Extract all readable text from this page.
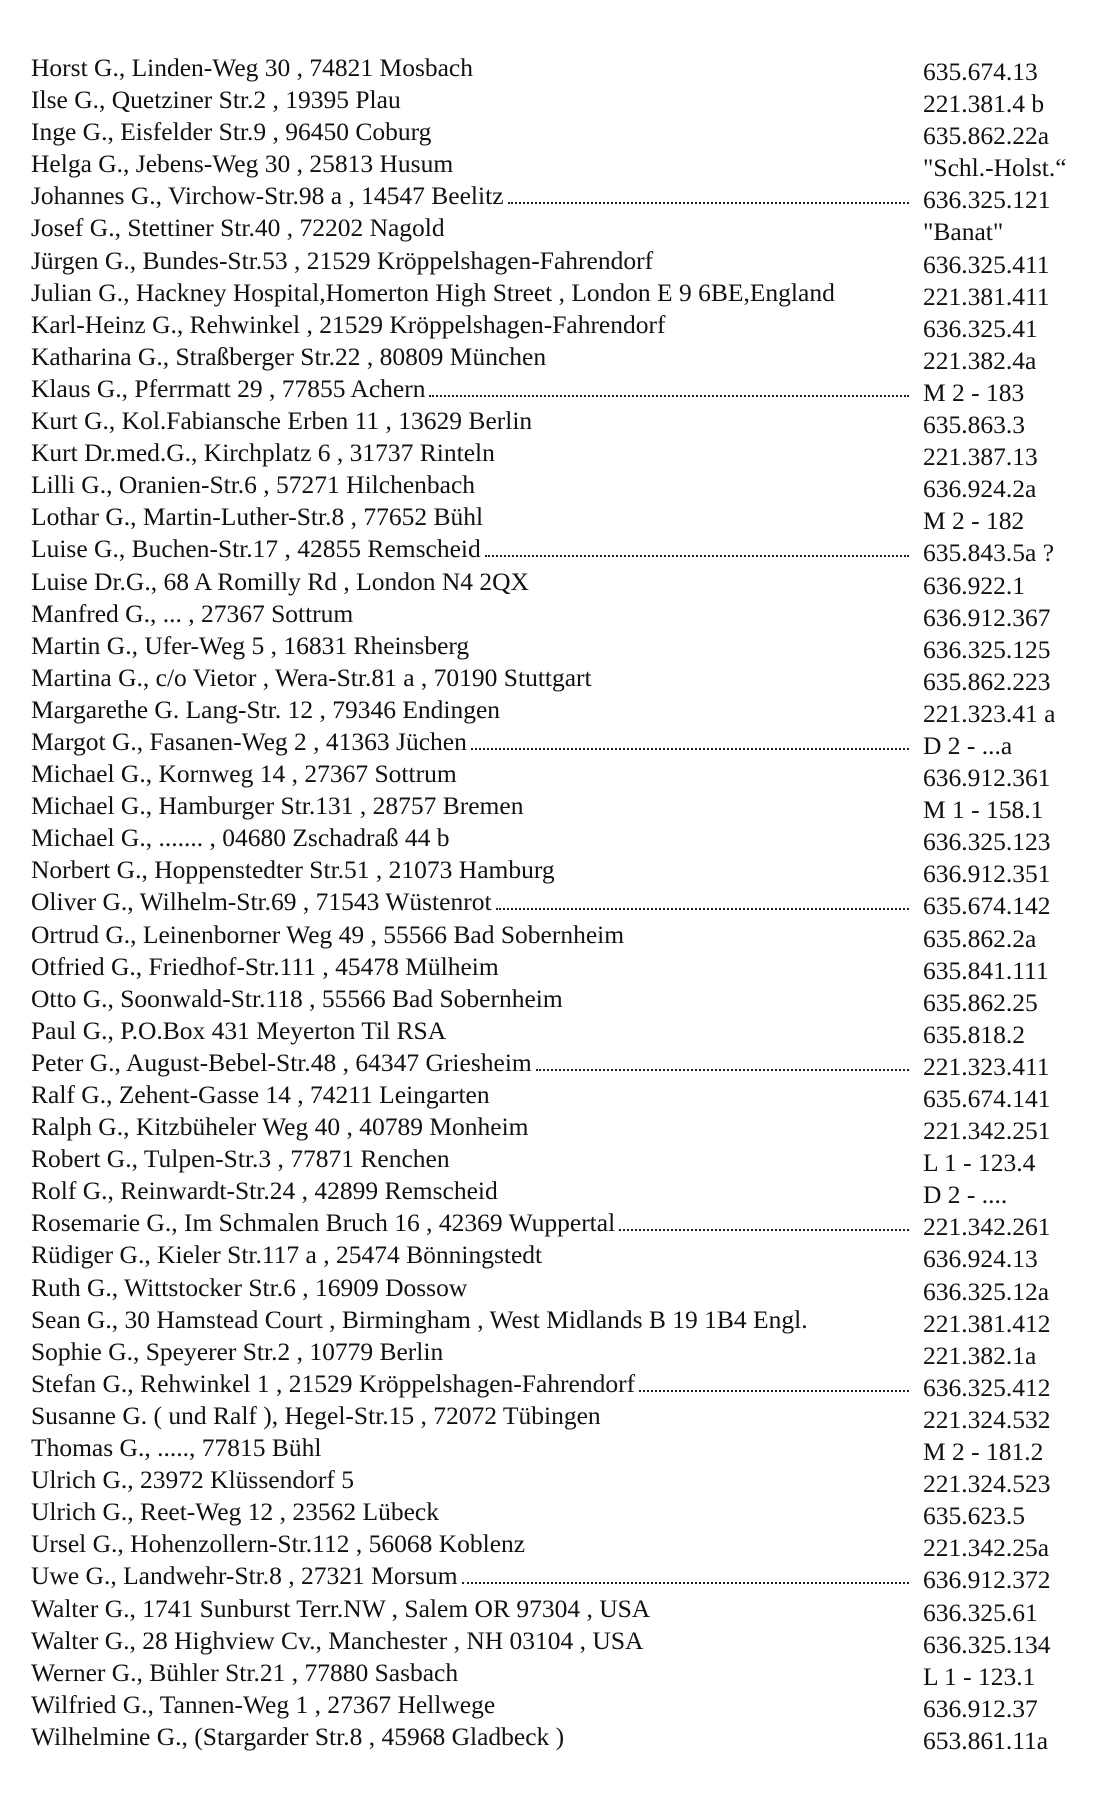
Horst G., Linden-Weg 30 , 74821 Mosbach	635.674.13
Ilse G., Quetziner Str.2 , 19395 Plau	221.381.4 b
Inge G., Eisfelder Str.9 , 96450 Coburg	635.862.22a
Helga G., Jebens-Weg 30 , 25813 Husum	"Schl.-Holst.“
Johannes G., Virchow-Str.98 a , 14547 Beelitz	636.325.121
Josef G., Stettiner Str.40 , 72202 Nagold	"Banat"
Jürgen G., Bundes-Str.53 , 21529 Kröppelshagen-Fahrendorf	636.325.411
Julian G., Hackney Hospital,Homerton High Street , London E 9 6BE,England	221.381.411
Karl-Heinz G., Rehwinkel , 21529 Kröppelshagen-Fahrendorf	636.325.41
Katharina G., Straßberger Str.22 , 80809 München	221.382.4a
Klaus G., Pferrmatt 29 , 77855 Achern	M 2 - 183
Kurt G., Kol.Fabiansche Erben 11 , 13629 Berlin	635.863.3
Kurt Dr.med.G., Kirchplatz 6 , 31737 Rinteln	221.387.13
Lilli G., Oranien-Str.6 , 57271 Hilchenbach	636.924.2a
Lothar G., Martin-Luther-Str.8 , 77652 Bühl	M 2 - 182
Luise G., Buchen-Str.17 , 42855 Remscheid	635.843.5a ?
Luise Dr.G., 68 A Romilly Rd , London N4 2QX	636.922.1
Manfred G., ... , 27367 Sottrum	636.912.367
Martin G., Ufer-Weg 5 , 16831 Rheinsberg	636.325.125
Martina G., c/o Vietor , Wera-Str.81 a , 70190 Stuttgart	635.862.223
Margarethe G. Lang-Str. 12 , 79346 Endingen	221.323.41 a
Margot G., Fasanen-Weg 2 , 41363 Jüchen	D 2 - ...a
Michael G., Kornweg 14 , 27367 Sottrum	636.912.361
Michael G., Hamburger Str.131 , 28757 Bremen	M 1 - 158.1
Michael G., ....... , 04680 Zschadraß 44 b	636.325.123
Norbert G., Hoppenstedter Str.51 , 21073 Hamburg	636.912.351
Oliver G., Wilhelm-Str.69 , 71543 Wüstenrot	635.674.142
Ortrud G., Leinenborner Weg 49 , 55566 Bad Sobernheim	635.862.2a
Otfried G., Friedhof-Str.111 , 45478 Mülheim	635.841.111
Otto G., Soonwald-Str.118 , 55566 Bad Sobernheim	635.862.25
Paul G., P.O.Box 431 Meyerton Til RSA	635.818.2
Peter G., August-Bebel-Str.48 , 64347 Griesheim	221.323.411
Ralf G., Zehent-Gasse 14 , 74211 Leingarten	635.674.141
Ralph G., Kitzbüheler Weg 40 , 40789 Monheim	221.342.251
Robert G., Tulpen-Str.3 , 77871 Renchen	L 1 - 123.4
Rolf G., Reinwardt-Str.24 , 42899 Remscheid	D 2 - ....
Rosemarie G., Im Schmalen Bruch 16 , 42369 Wuppertal	221.342.261
Rüdiger G., Kieler Str.117 a , 25474 Bönningstedt	636.924.13
Ruth G., Wittstocker Str.6 , 16909 Dossow	636.325.12a
Sean G., 30 Hamstead Court , Birmingham , West Midlands B 19 1B4 Engl.	221.381.412
Sophie G., Speyerer Str.2 , 10779 Berlin	221.382.1a
Stefan G., Rehwinkel 1 , 21529 Kröppelshagen-Fahrendorf	636.325.412
Susanne G. ( und Ralf ), Hegel-Str.15 , 72072 Tübingen	221.324.532
Thomas G., ....., 77815 Bühl	M 2 - 181.2
Ulrich G., 23972 Klüssendorf 5	221.324.523
Ulrich G., Reet-Weg 12 , 23562 Lübeck	635.623.5
Ursel G., Hohenzollern-Str.112 , 56068 Koblenz	221.342.25a
Uwe G., Landwehr-Str.8 , 27321 Morsum	636.912.372
Walter G., 1741 Sunburst Terr.NW , Salem OR 97304 , USA	636.325.61
Walter G., 28 Highview Cv., Manchester , NH 03104 , USA	636.325.134
Werner G., Bühler Str.21 , 77880 Sasbach	L 1 - 123.1
Wilfried G., Tannen-Weg 1 , 27367 Hellwege	636.912.37
Wilhelmine G., (Stargarder Str.8 , 45968 Gladbeck )	653.861.11a
